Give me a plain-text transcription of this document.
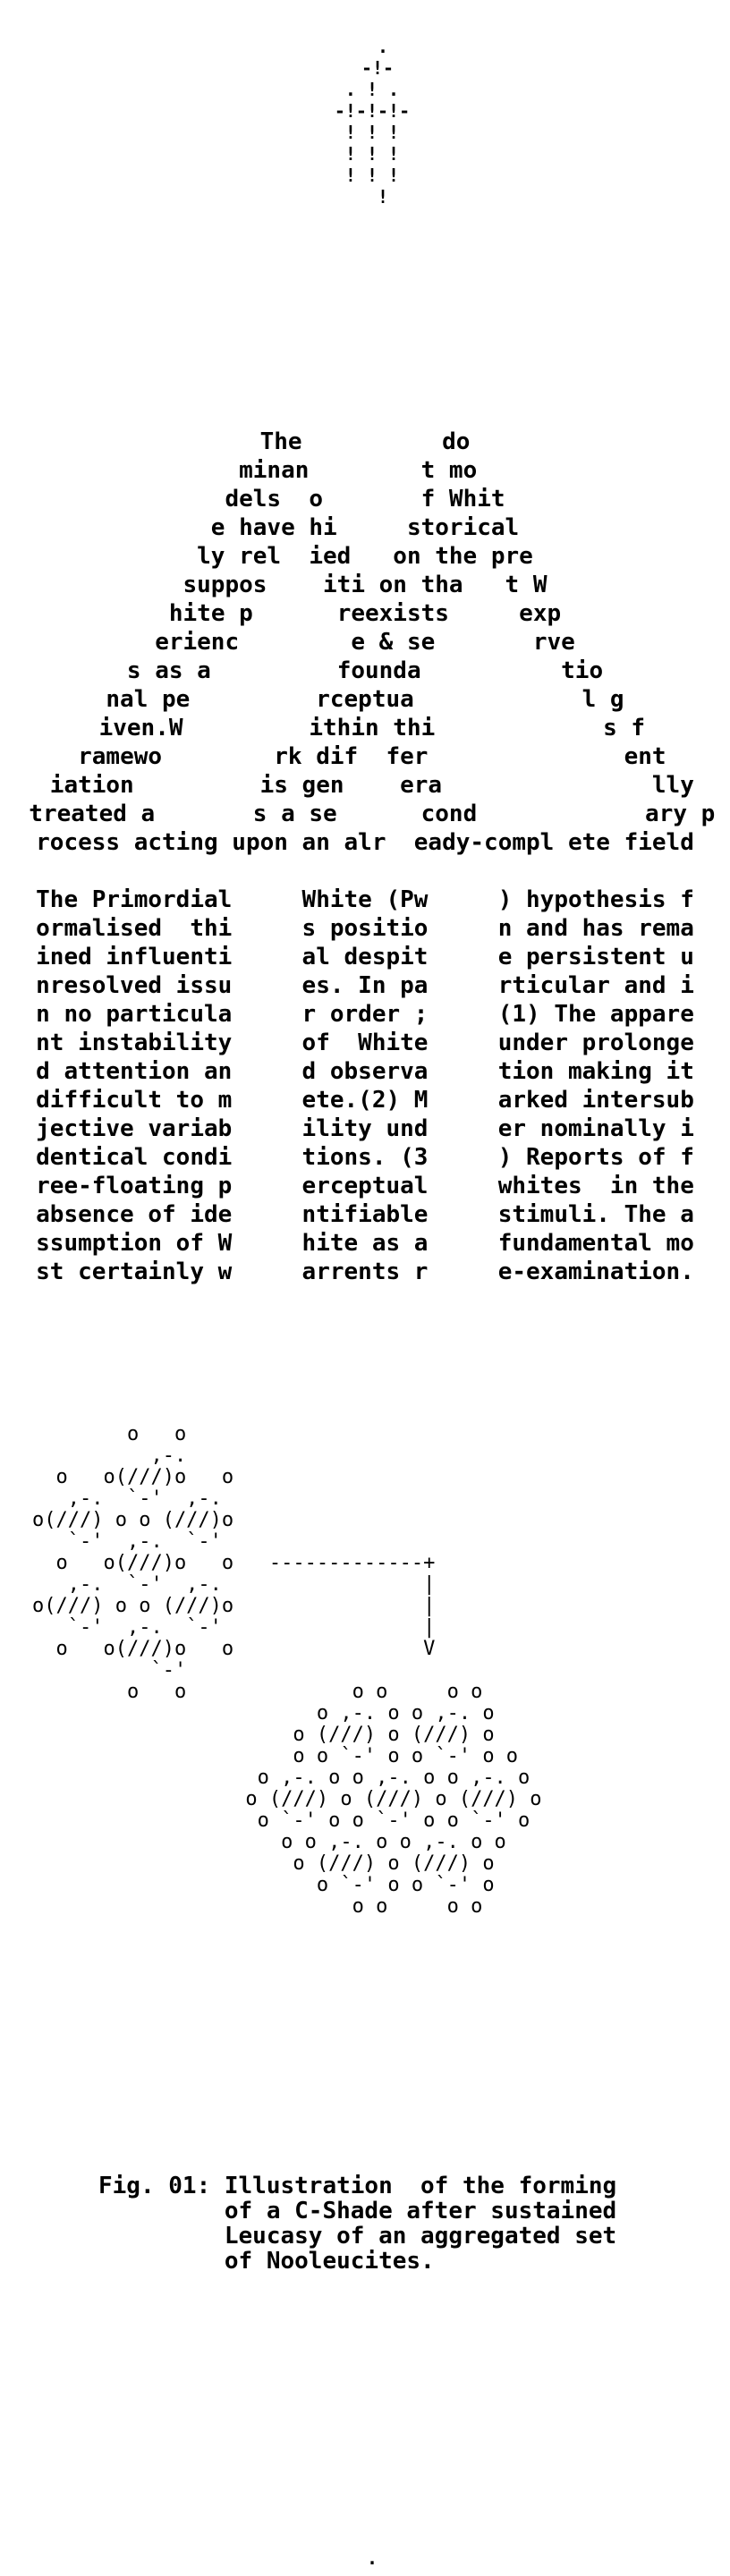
.
-!-
. ! .
-!-!-!-
! ! !
! ! !
! ! !
!
The          do
minan        t mo
dels  o       f Whit
e have hi     storical
ly rel  ied   on the pre
suppos    iti on tha   t W
hite p      reexists     exp
erienc        e & se       rve
s as a         founda          tio
nal pe         rceptua            l g
iven.W         ithin thi            s f
ramewo        rk dif  fer              ent
iation         is gen    era               lly
treated a       s a se      cond            ary p
rocess acting upon an alr  eady-compl ete field
The Primordial     White (Pw     ) hypothesis f
ormalised  thi     s positio     n and has rema
ined influenti     al despit     e persistent u
nresolved issu     es. In pa     rticular and i
n no particula     r order ;     (1) The appare
nt instability     of  White     under prolonge
d attention an     d observa     tion making it
difficult to m     ete.(2) M     arked intersub
jective variab     ility und     er nominally i
dentical condi     tions. (3     ) Reports of f
ree-floating p     erceptual     whites  in the
absence of ide     ntifiable     stimuli. The a
ssumption of W     hite as a     fundamental mo
st certainly w     arrents r     e-examination.
o   o
,-.
o   o(///)o   o
,-.  `-'  ,-.
o(///) o o (///)o
`-'  ,-.  `-'
o   o(///)o   o   -------------+
,-.  `-'  ,-.                 |
o(///) o o (///)o                |
`-'  ,-.  `-'                 |
o   o(///)o   o                V
`-'
o   o              o o     o o
o ,-. o o ,-. o
o (///) o (///) o
o o `-' o o `-' o o
o ,-. o o ,-. o o ,-. o
o (///) o (///) o (///) o
o `-' o o `-' o o `-' o
o o ,-. o o ,-. o o
o (///) o (///) o
o `-' o o `-' o
o o     o o
Fig. 01: Illustration  of the forming
of a C-Shade after sustained
Leucasy of an aggregated set
of Nooleucites.
.
